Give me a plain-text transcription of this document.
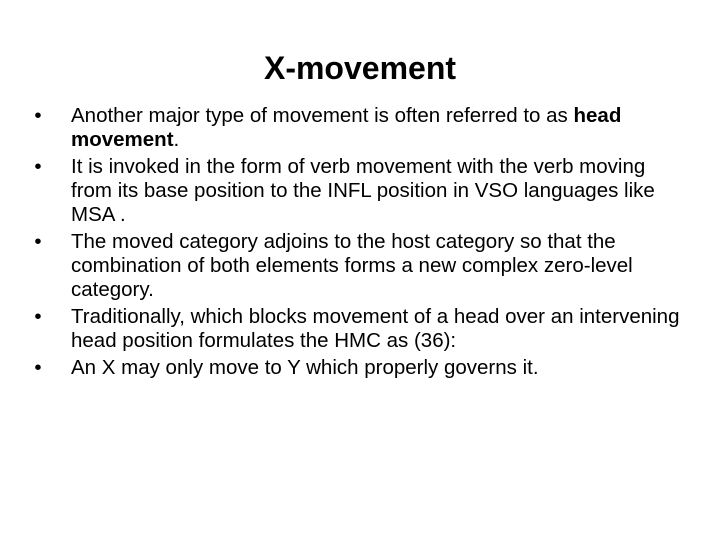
X-movement
•	Another major type of movement is often referred to as head movement.
•	It is invoked in the form of verb movement with the verb moving from its base position to the INFL position in VSO languages like MSA .
•	The moved category adjoins to the host category so that the combination of both elements forms a new complex zero-level category.
•	Traditionally, which blocks movement of a head over an intervening head position formulates the HMC as (36):
•	An X may only move to Y which properly governs it.
